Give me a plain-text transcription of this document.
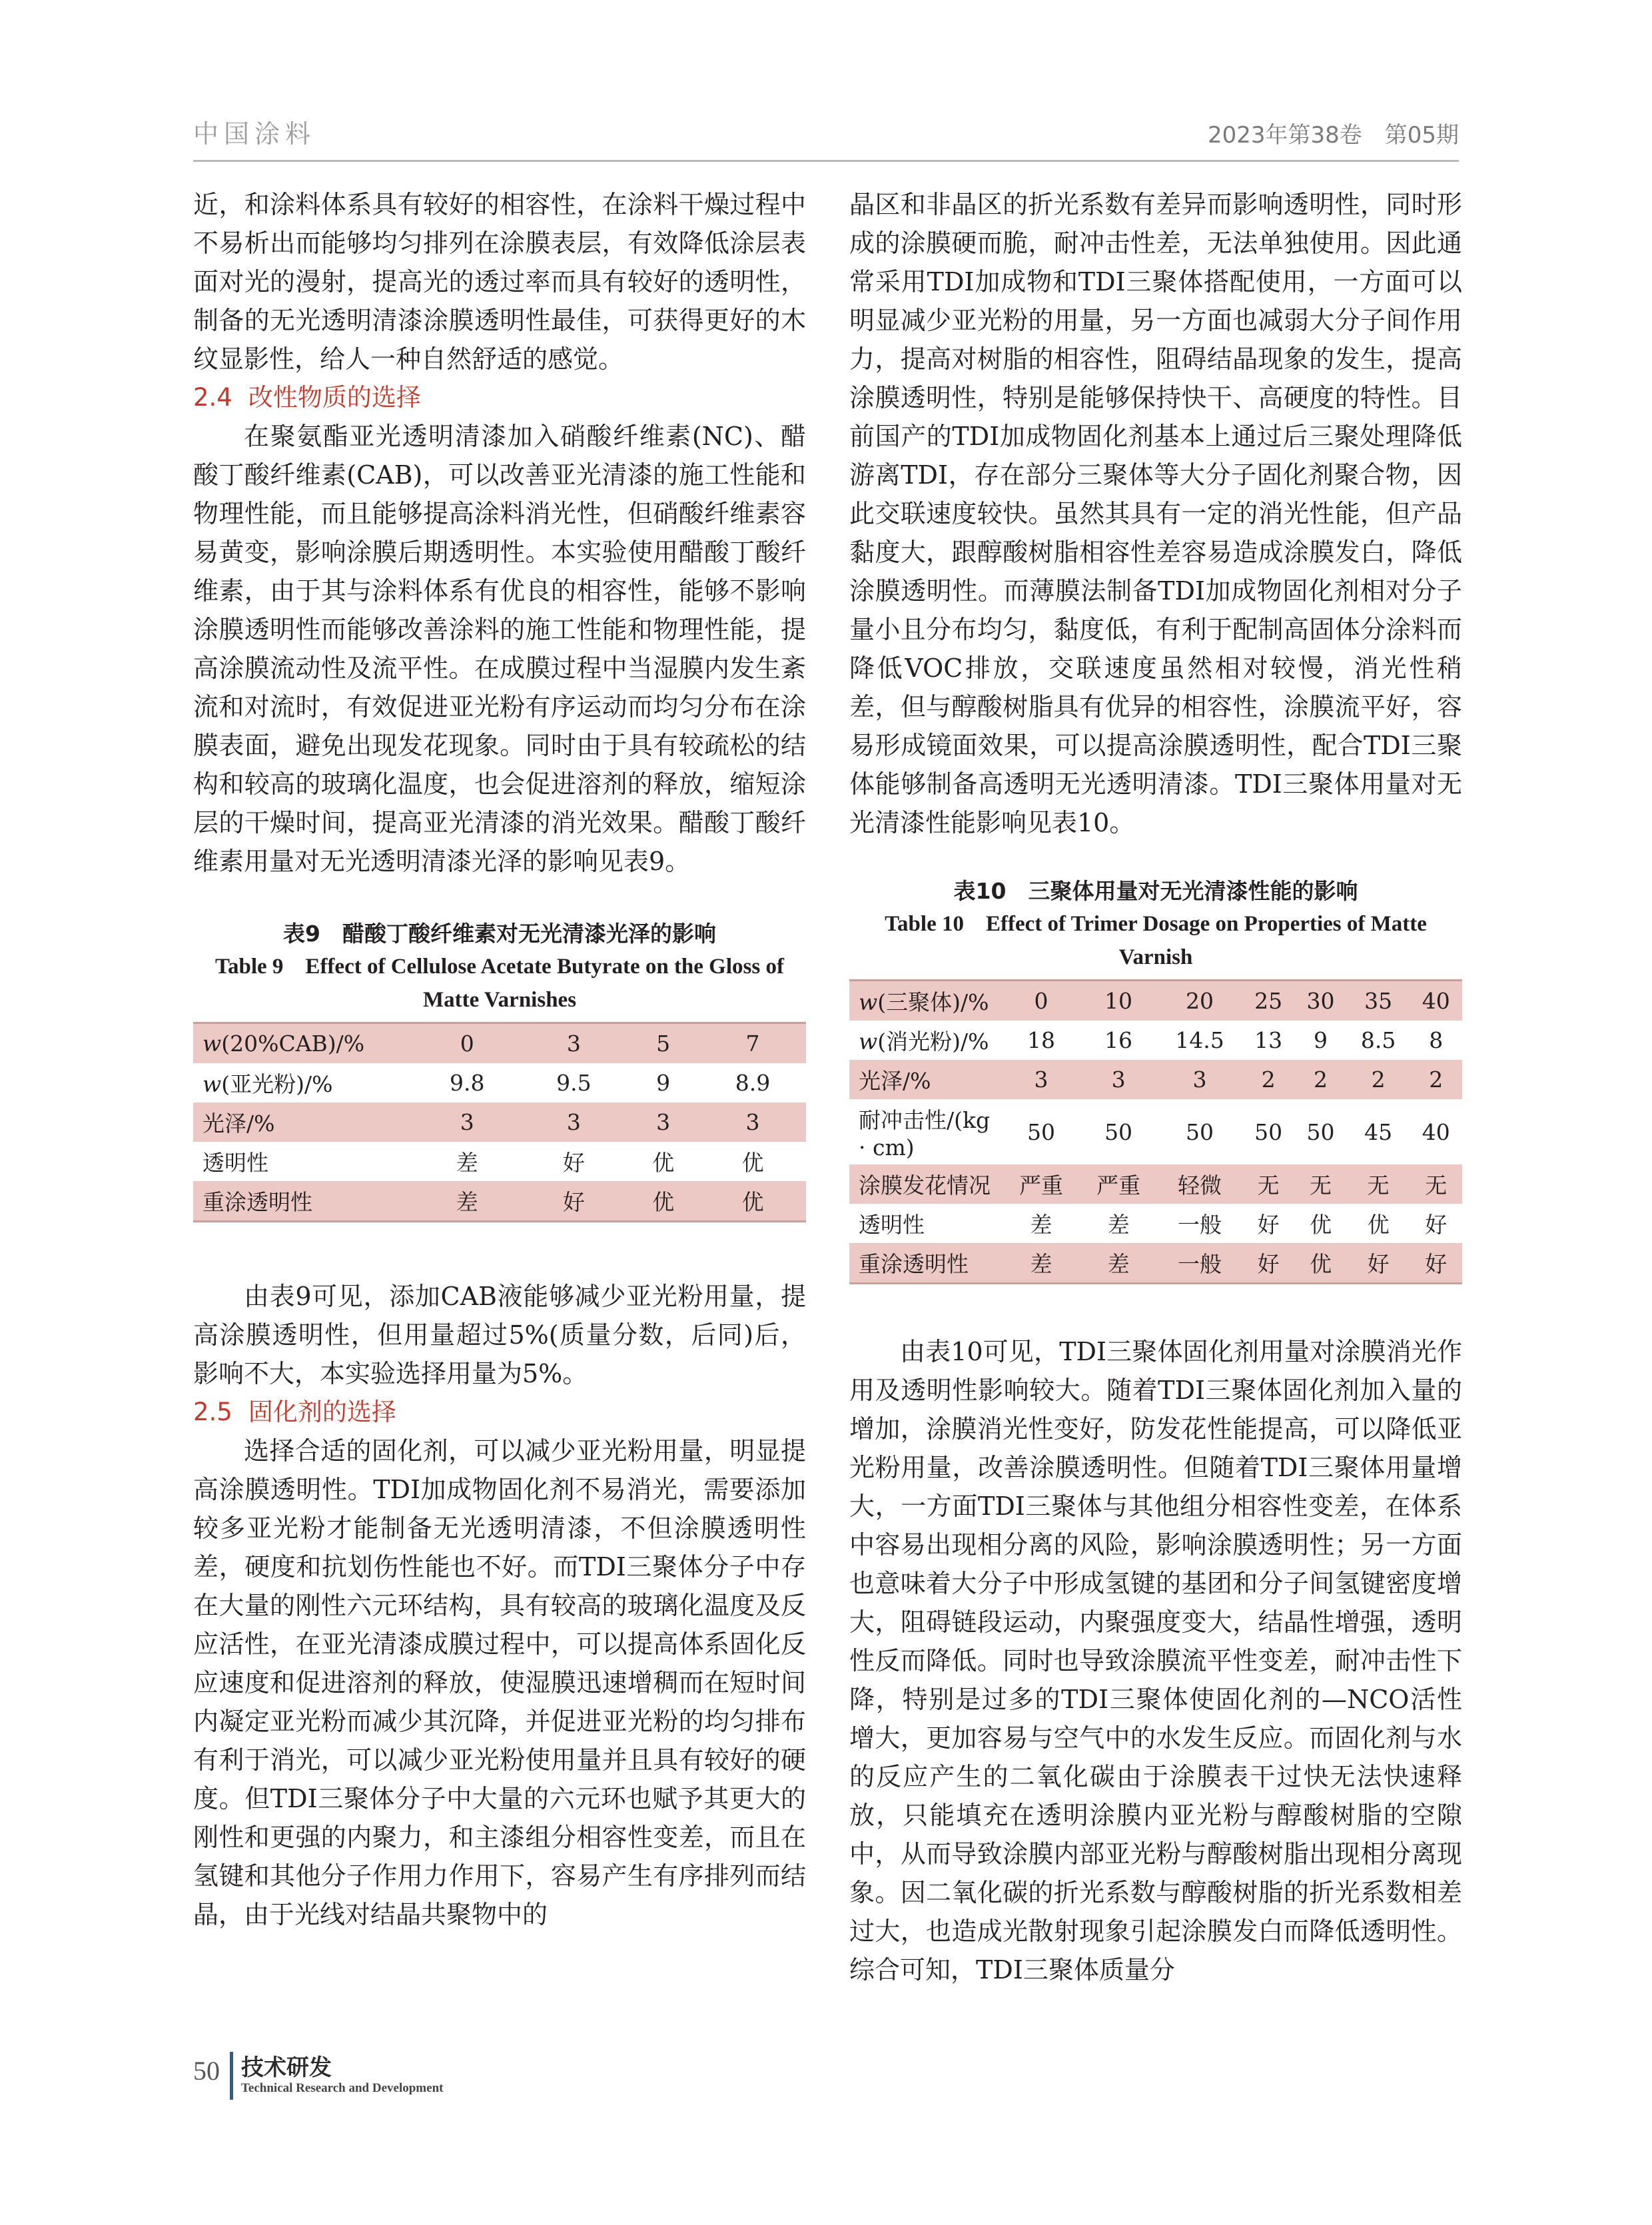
中国涂料	2023年第38卷　第05期

近，和涂料体系具有较好的相容性，在涂料干燥过程中不易析出而能够均匀排列在涂膜表层，有效降低涂层表面对光的漫射，提高光的透过率而具有较好的透明性，制备的无光透明清漆涂膜透明性最佳，可获得更好的木纹显影性，给人一种自然舒适的感觉。

2.4 改性物质的选择

在聚氨酯亚光透明清漆加入硝酸纤维素(NC)、醋酸丁酸纤维素(CAB)，可以改善亚光清漆的施工性能和物理性能，而且能够提高涂料消光性，但硝酸纤维素容易黄变，影响涂膜后期透明性。本实验使用醋酸丁酸纤维素，由于其与涂料体系有优良的相容性，能够不影响涂膜透明性而能够改善涂料的施工性能和物理性能，提高涂膜流动性及流平性。在成膜过程中当湿膜内发生紊流和对流时，有效促进亚光粉有序运动而均匀分布在涂膜表面，避免出现发花现象。同时由于具有较疏松的结构和较高的玻璃化温度，也会促进溶剂的释放，缩短涂层的干燥时间，提高亚光清漆的消光效果。醋酸丁酸纤维素用量对无光透明清漆光泽的影响见表9。

表9　醋酸丁酸纤维素对无光清漆光泽的影响
Table 9　Effect of Cellulose Acetate Butyrate on the Gloss of Matte Varnishes
w(20%CAB)/%	0	3	5	7
w(亚光粉)/%	9.8	9.5	9	8.9
光泽/%	3	3	3	3
透明性	差	好	优	优
重涂透明性	差	好	优	优

由表9可见，添加CAB液能够减少亚光粉用量，提高涂膜透明性，但用量超过5%(质量分数，后同)后，影响不大，本实验选择用量为5%。

2.5 固化剂的选择

选择合适的固化剂，可以减少亚光粉用量，明显提高涂膜透明性。TDI加成物固化剂不易消光，需要添加较多亚光粉才能制备无光透明清漆，不但涂膜透明性差，硬度和抗划伤性能也不好。而TDI三聚体分子中存在大量的刚性六元环结构，具有较高的玻璃化温度及反应活性，在亚光清漆成膜过程中，可以提高体系固化反应速度和促进溶剂的释放，使湿膜迅速增稠而在短时间内凝定亚光粉而减少其沉降，并促进亚光粉的均匀排布有利于消光，可以减少亚光粉使用量并且具有较好的硬度。但TDI三聚体分子中大量的六元环也赋予其更大的刚性和更强的内聚力，和主漆组分相容性变差，而且在氢键和其他分子作用力作用下，容易产生有序排列而结晶，由于光线对结晶共聚物中的

晶区和非晶区的折光系数有差异而影响透明性，同时形成的涂膜硬而脆，耐冲击性差，无法单独使用。因此通常采用TDI加成物和TDI三聚体搭配使用，一方面可以明显减少亚光粉的用量，另一方面也减弱大分子间作用力，提高对树脂的相容性，阻碍结晶现象的发生，提高涂膜透明性，特别是能够保持快干、高硬度的特性。目前国产的TDI加成物固化剂基本上通过后三聚处理降低游离TDI，存在部分三聚体等大分子固化剂聚合物，因此交联速度较快。虽然其具有一定的消光性能，但产品黏度大，跟醇酸树脂相容性差容易造成涂膜发白，降低涂膜透明性。而薄膜法制备TDI加成物固化剂相对分子量小且分布均匀，黏度低，有利于配制高固体分涂料而降低VOC排放，交联速度虽然相对较慢，消光性稍差，但与醇酸树脂具有优异的相容性，涂膜流平好，容易形成镜面效果，可以提高涂膜透明性，配合TDI三聚体能够制备高透明无光透明清漆。TDI三聚体用量对无光清漆性能影响见表10。

表10　三聚体用量对无光清漆性能的影响
Table 10　Effect of Trimer Dosage on Properties of Matte Varnish
w(三聚体)/%	0	10	20	25	30	35	40
w(消光粉)/%	18	16	14.5	13	9	8.5	8
光泽/%	3	3	3	2	2	2	2
耐冲击性/(kg · cm)	50	50	50	50	50	45	40
涂膜发花情况	严重	严重	轻微	无	无	无	无
透明性	差	差	一般	好	优	优	好
重涂透明性	差	差	一般	好	优	好	好

由表10可见，TDI三聚体固化剂用量对涂膜消光作用及透明性影响较大。随着TDI三聚体固化剂加入量的增加，涂膜消光性变好，防发花性能提高，可以降低亚光粉用量，改善涂膜透明性。但随着TDI三聚体用量增大，一方面TDI三聚体与其他组分相容性变差，在体系中容易出现相分离的风险，影响涂膜透明性；另一方面也意味着大分子中形成氢键的基团和分子间氢键密度增大，阻碍链段运动，内聚强度变大，结晶性增强，透明性反而降低。同时也导致涂膜流平性变差，耐冲击性下降，特别是过多的TDI三聚体使固化剂的—NCO活性增大，更加容易与空气中的水发生反应。而固化剂与水的反应产生的二氧化碳由于涂膜表干过快无法快速释放，只能填充在透明涂膜内亚光粉与醇酸树脂的空隙中，从而导致涂膜内部亚光粉与醇酸树脂出现相分离现象。因二氧化碳的折光系数与醇酸树脂的折光系数相差过大，也造成光散射现象引起涂膜发白而降低透明性。综合可知，TDI三聚体质量分

50 技术研发
Technical Research and Development
